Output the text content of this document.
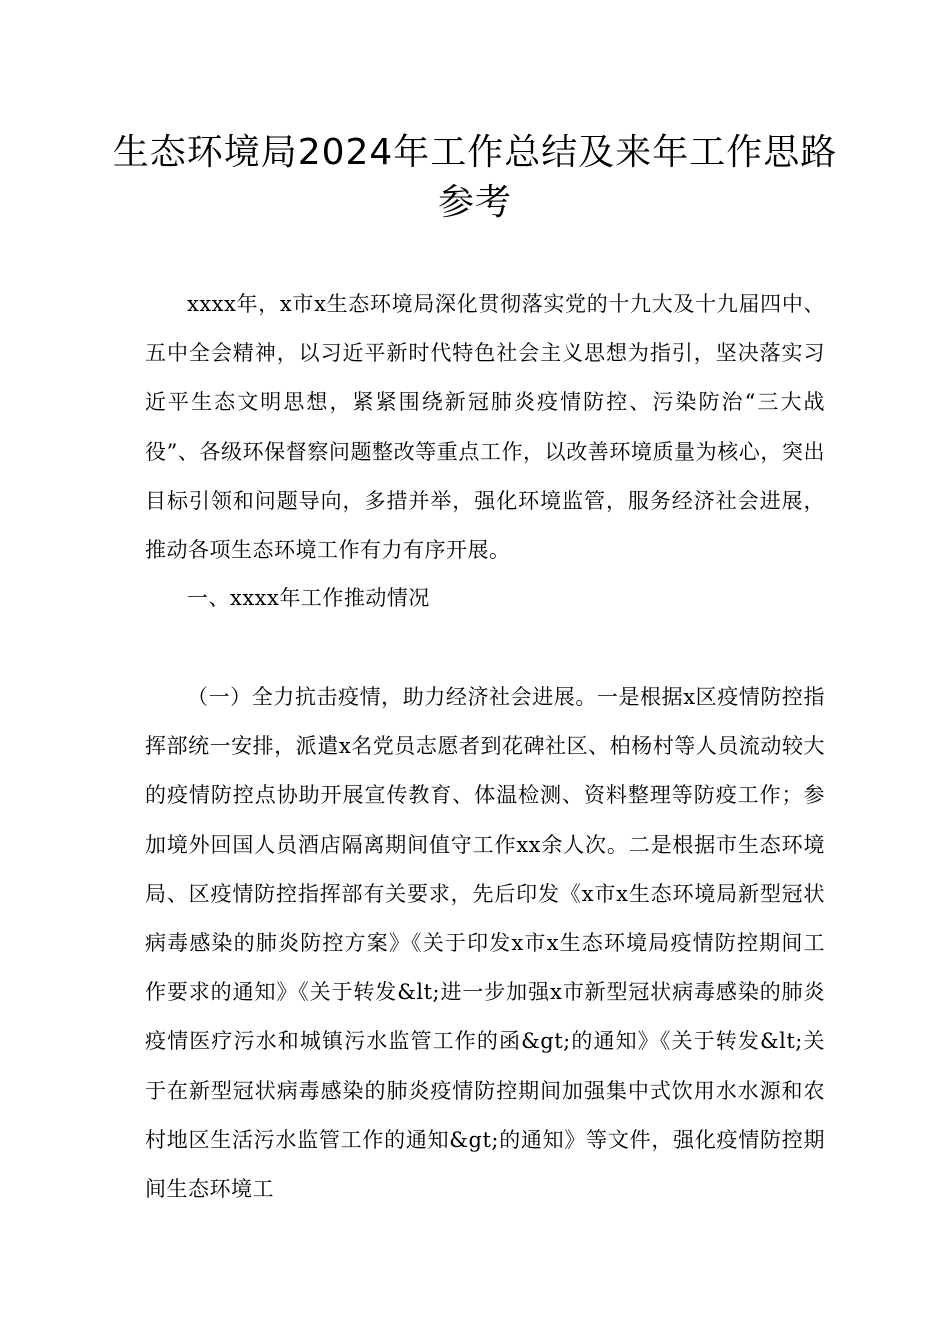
生态环境局2024年工作总结及来年工作思路参考

xxxx年，x市x生态环境局深化贯彻落实党的十九大及十九届四中、五中全会精神，以习近平新时代特色社会主义思想为指引，坚决落实习近平生态文明思想，紧紧围绕新冠肺炎疫情防控、污染防治“三大战役”、各级环保督察问题整改等重点工作，以改善环境质量为核心，突出目标引领和问题导向，多措并举，强化环境监管，服务经济社会进展，推动各项生态环境工作有力有序开展。

一、xxxx年工作推动情况

（一）全力抗击疫情，助力经济社会进展。一是根据x区疫情防控指挥部统一安排，派遣x名党员志愿者到花碑社区、柏杨村等人员流动较大的疫情防控点协助开展宣传教育、体温检测、资料整理等防疫工作；参加境外回国人员酒店隔离期间值守工作xx余人次。二是根据市生态环境局、区疫情防控指挥部有关要求，先后印发《x市x生态环境局新型冠状病毒感染的肺炎防控方案》《关于印发x市x生态环境局疫情防控期间工作要求的通知》《关于转发&lt;进一步加强x市新型冠状病毒感染的肺炎疫情医疗污水和城镇污水监管工作的函&gt;的通知》《关于转发&lt;关于在新型冠状病毒感染的肺炎疫情防控期间加强集中式饮用水水源和农村地区生活污水监管工作的通知&gt;的通知》等文件，强化疫情防控期间生态环境工
